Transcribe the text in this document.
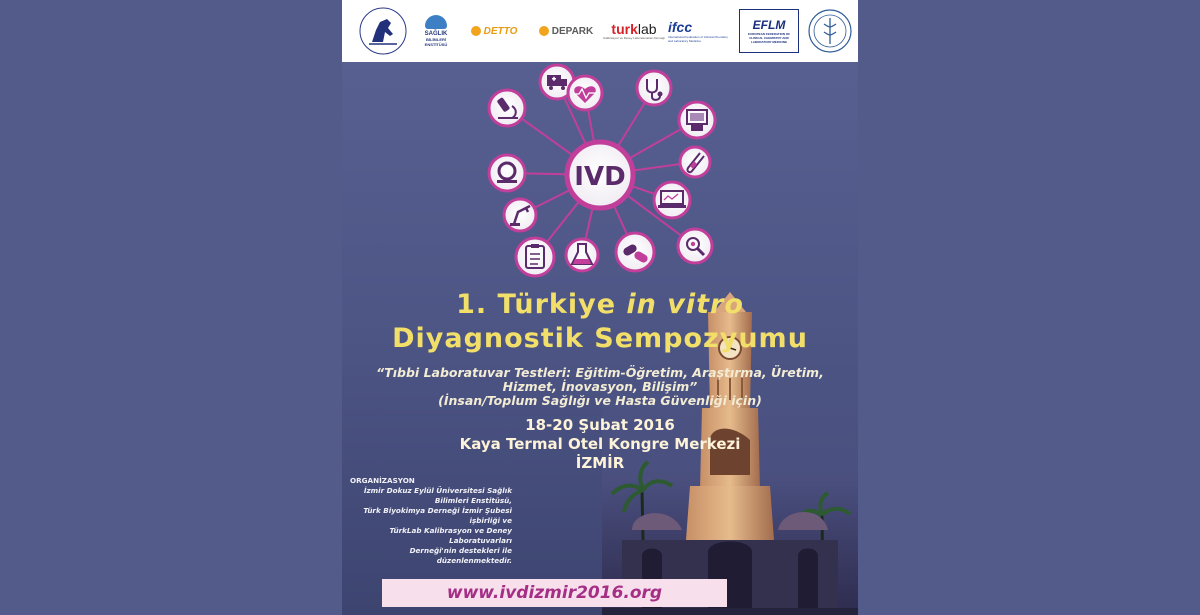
SAĞLIK
BİLİMLERİ
ENSTİTÜSÜ
DETTO	DEPARK turklab
Kalibrasyon ve Deney Laboratuvarları Derneği
ifcc
International Federation of Clinical Chemistry and Laboratory Medicine
EFLM
EUROPEAN FEDERATION OF CLINICAL CHEMISTRY AND LABORATORY MEDICINE
IVD
1. Türkiye in vitro
Diyagnostik Sempozyumu
“Tıbbi Laboratuvar Testleri: Eğitim-Öğretim, Araştırma, Üretim,
Hizmet, İnovasyon, Bilişim”
(İnsan/Toplum Sağlığı ve Hasta Güvenliği için)
18-20 Şubat 2016
Kaya Termal Otel Kongre Merkezi
İZMİR
ORGANİZASYON
İzmir Dokuz Eylül Üniversitesi Sağlık Bilimleri Enstitüsü,
Türk Biyokimya Derneği İzmir Şubesi işbirliği ve
TürkLab Kalibrasyon ve Deney Laboratuvarları
Derneği'nin destekleri ile düzenlenmektedir.
www.ivdizmir2016.org
